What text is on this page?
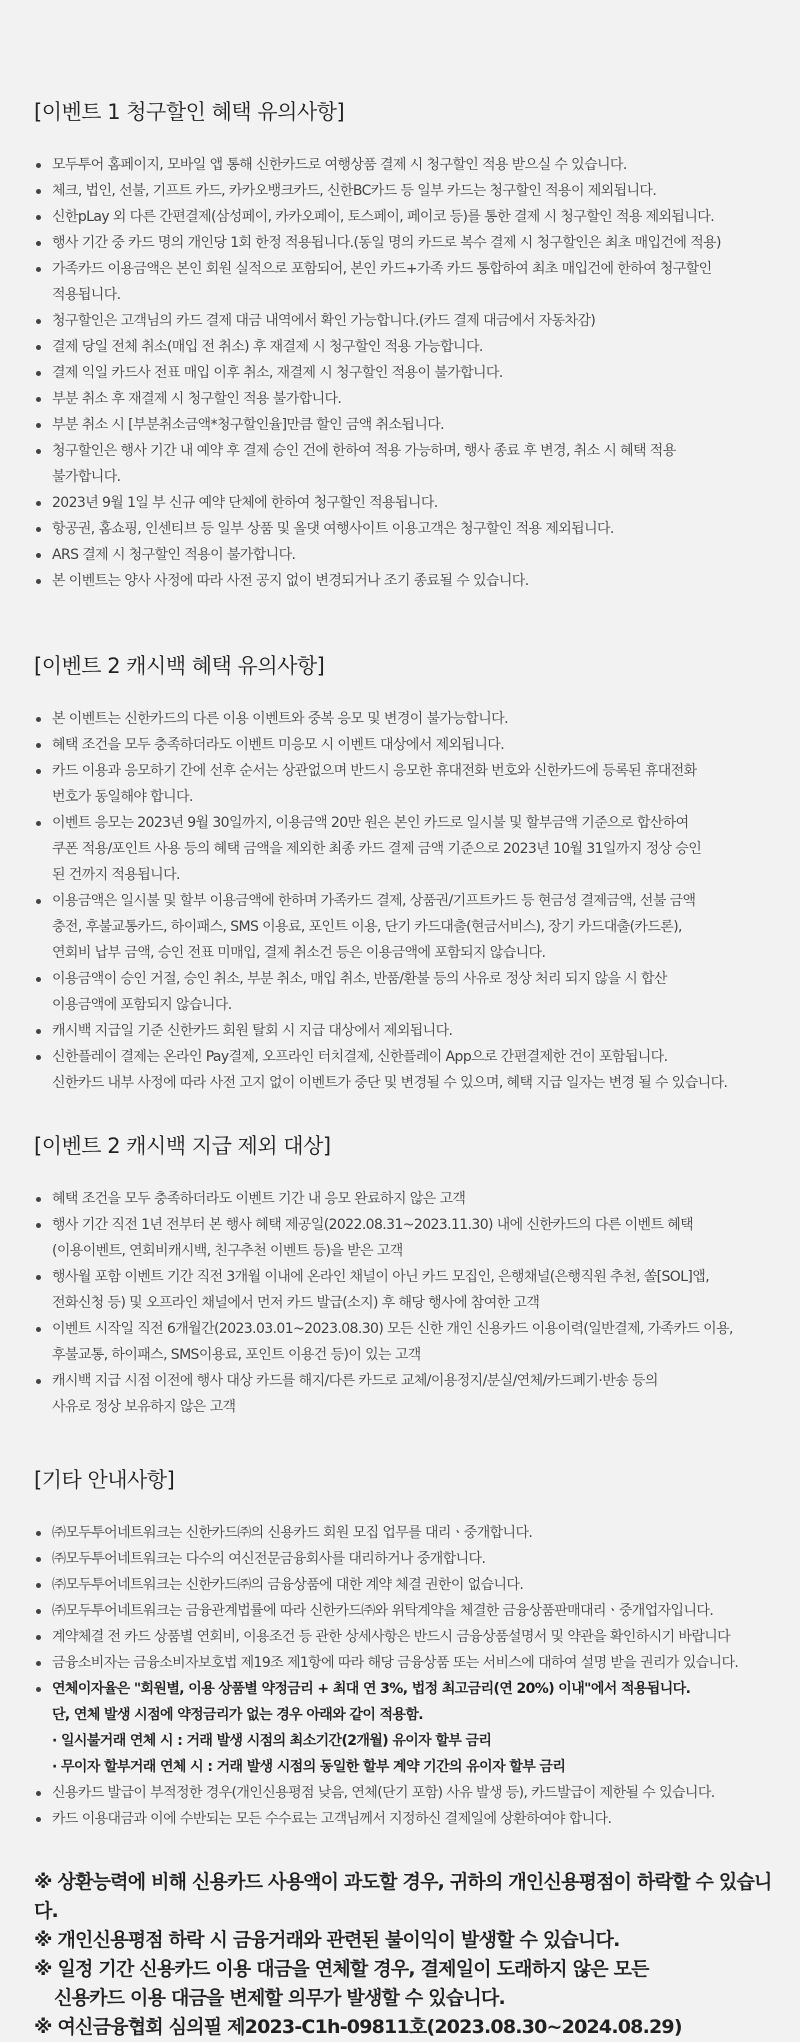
[이벤트 1 청구할인 혜택 유의사항]
모두투어 홈페이지, 모바일 앱 통해 신한카드로 여행상품 결제 시 청구할인 적용 받으실 수 있습니다.
체크, 법인, 선불, 기프트 카드, 카카오뱅크카드, 신한BC카드 등 일부 카드는 청구할인 적용이 제외됩니다.
신한pLay 외 다른 간편결제(삼성페이, 카카오페이, 토스페이, 페이코 등)를 통한 결제 시 청구할인 적용 제외됩니다.
행사 기간 중 카드 명의 개인당 1회 한정 적용됩니다.(동일 명의 카드로 복수 결제 시 청구할인은 최초 매입건에 적용)
가족카드 이용금액은 본인 회원 실적으로 포함되어, 본인 카드+가족 카드 통합하여 최초 매입건에 한하여 청구할인
적용됩니다.
청구할인은 고객님의 카드 결제 대금 내역에서 확인 가능합니다.(카드 결제 대금에서 자동차감)
결제 당일 전체 취소(매입 전 취소) 후 재결제 시 청구할인 적용 가능합니다.
결제 익일 카드사 전표 매입 이후 취소, 재결제 시 청구할인 적용이 불가합니다.
부분 취소 후 재결제 시 청구할인 적용 불가합니다.
부분 취소 시 [부분취소금액*청구할인율]만큼 할인 금액 취소됩니다.
청구할인은 행사 기간 내 예약 후 결제 승인 건에 한하여 적용 가능하며, 행사 종료 후 변경, 취소 시 혜택 적용
불가합니다.
2023년 9월 1일 부 신규 예약 단체에 한하여 청구할인 적용됩니다.
항공권, 홈쇼핑, 인센티브 등 일부 상품 및 올댓 여행사이트 이용고객은 청구할인 적용 제외됩니다.
ARS 결제 시 청구할인 적용이 불가합니다.
본 이벤트는 양사 사정에 따라 사전 공지 없이 변경되거나 조기 종료될 수 있습니다.
[이벤트 2 캐시백 혜택 유의사항]
본 이벤트는 신한카드의 다른 이용 이벤트와 중복 응모 및 변경이 불가능합니다.
혜택 조건을 모두 충족하더라도 이벤트 미응모 시 이벤트 대상에서 제외됩니다.
카드 이용과 응모하기 간에 선후 순서는 상관없으며 반드시 응모한 휴대전화 번호와 신한카드에 등록된 휴대전화
번호가 동일해야 합니다.
이벤트 응모는 2023년 9월 30일까지, 이용금액 20만 원은 본인 카드로 일시불 및 할부금액 기준으로 합산하여
쿠폰 적용/포인트 사용 등의 혜택 금액을 제외한 최종 카드 결제 금액 기준으로 2023년 10월 31일까지 정상 승인
된 건까지 적용됩니다.
이용금액은 일시불 및 할부 이용금액에 한하며 가족카드 결제, 상품권/기프트카드 등 현금성 결제금액, 선불 금액
충전, 후불교통카드, 하이패스, SMS 이용료, 포인트 이용, 단기 카드대출(현금서비스), 장기 카드대출(카드론),
연회비 납부 금액, 승인 전표 미매입, 결제 취소건 등은 이용금액에 포함되지 않습니다.
이용금액이 승인 거절, 승인 취소, 부분 취소, 매입 취소, 반품/환불 등의 사유로 정상 처리 되지 않을 시 합산
이용금액에 포함되지 않습니다.
캐시백 지급일 기준 신한카드 회원 탈회 시 지급 대상에서 제외됩니다.
신한플레이 결제는 온라인 Pay결제, 오프라인 터치결제, 신한플레이 App으로 간편결제한 건이 포함됩니다.
신한카드 내부 사정에 따라 사전 고지 없이 이벤트가 중단 및 변경될 수 있으며, 혜택 지급 일자는 변경 될 수 있습니다.
[이벤트 2 캐시백 지급 제외 대상]
혜택 조건을 모두 충족하더라도 이벤트 기간 내 응모 완료하지 않은 고객
행사 기간 직전 1년 전부터 본 행사 혜택 제공일(2022.08.31~2023.11.30) 내에 신한카드의 다른 이벤트 혜택
(이용이벤트, 연회비캐시백, 친구추천 이벤트 등)을 받은 고객
행사월 포함 이벤트 기간 직전 3개월 이내에 온라인 채널이 아닌 카드 모집인, 은행채널(은행직원 추천, 쏠[SOL]앱,
전화신청 등) 및 오프라인 채널에서 먼저 카드 발급(소지) 후 해당 행사에 참여한 고객
이벤트 시작일 직전 6개월간(2023.03.01~2023.08.30) 모든 신한 개인 신용카드 이용이력(일반결제, 가족카드 이용,
후불교통, 하이패스, SMS이용료, 포인트 이용건 등)이 있는 고객
캐시백 지급 시점 이전에 행사 대상 카드를 해지/다른 카드로 교체/이용정지/분실/연체/카드폐기·반송 등의
사유로 정상 보유하지 않은 고객
[기타 안내사항]
㈜모두투어네트워크는 신한카드㈜의 신용카드 회원 모집 업무를 대리ㆍ중개합니다.
㈜모두투어네트워크는 다수의 여신전문금융회사를 대리하거나 중개합니다.
㈜모두투어네트워크는 신한카드㈜의 금융상품에 대한 계약 체결 권한이 없습니다.
㈜모두투어네트워크는 금융관계법률에 따라 신한카드㈜와 위탁계약을 체결한 금융상품판매대리ㆍ중개업자입니다.
계약체결 전 카드 상품별 연회비, 이용조건 등 관한 상세사항은 반드시 금융상품설명서 및 약관을 확인하시기 바랍니다
금융소비자는 금융소비자보호법 제19조 제1항에 따라 해당 금융상품 또는 서비스에 대하여 설명 받을 권리가 있습니다.
연체이자율은 "회원별, 이용 상품별 약정금리 + 최대 연 3%, 법정 최고금리(연 20%) 이내"에서 적용됩니다.
단, 연체 발생 시점에 약정금리가 없는 경우 아래와 같이 적용함.
· 일시불거래 연체 시 : 거래 발생 시점의 최소기간(2개월) 유이자 할부 금리
· 무이자 할부거래 연체 시 : 거래 발생 시점의 동일한 할부 계약 기간의 유이자 할부 금리
신용카드 발급이 부적정한 경우(개인신용평점 낮음, 연체(단기 포함) 사유 발생 등), 카드발급이 제한될 수 있습니다.
카드 이용대금과 이에 수반되는 모든 수수료는 고객님께서 지정하신 결제일에 상환하여야 합니다.
※ 상환능력에 비해 신용카드 사용액이 과도할 경우, 귀하의 개인신용평점이 하락할 수 있습니다.
※ 개인신용평점 하락 시 금융거래와 관련된 불이익이 발생할 수 있습니다.
※ 일정 기간 신용카드 이용 대금을 연체할 경우, 결제일이 도래하지 않은 모든
신용카드 이용 대금을 변제할 의무가 발생할 수 있습니다.
※ 여신금융협회 심의필 제2023-C1h-09811호(2023.08.30~2024.08.29)
